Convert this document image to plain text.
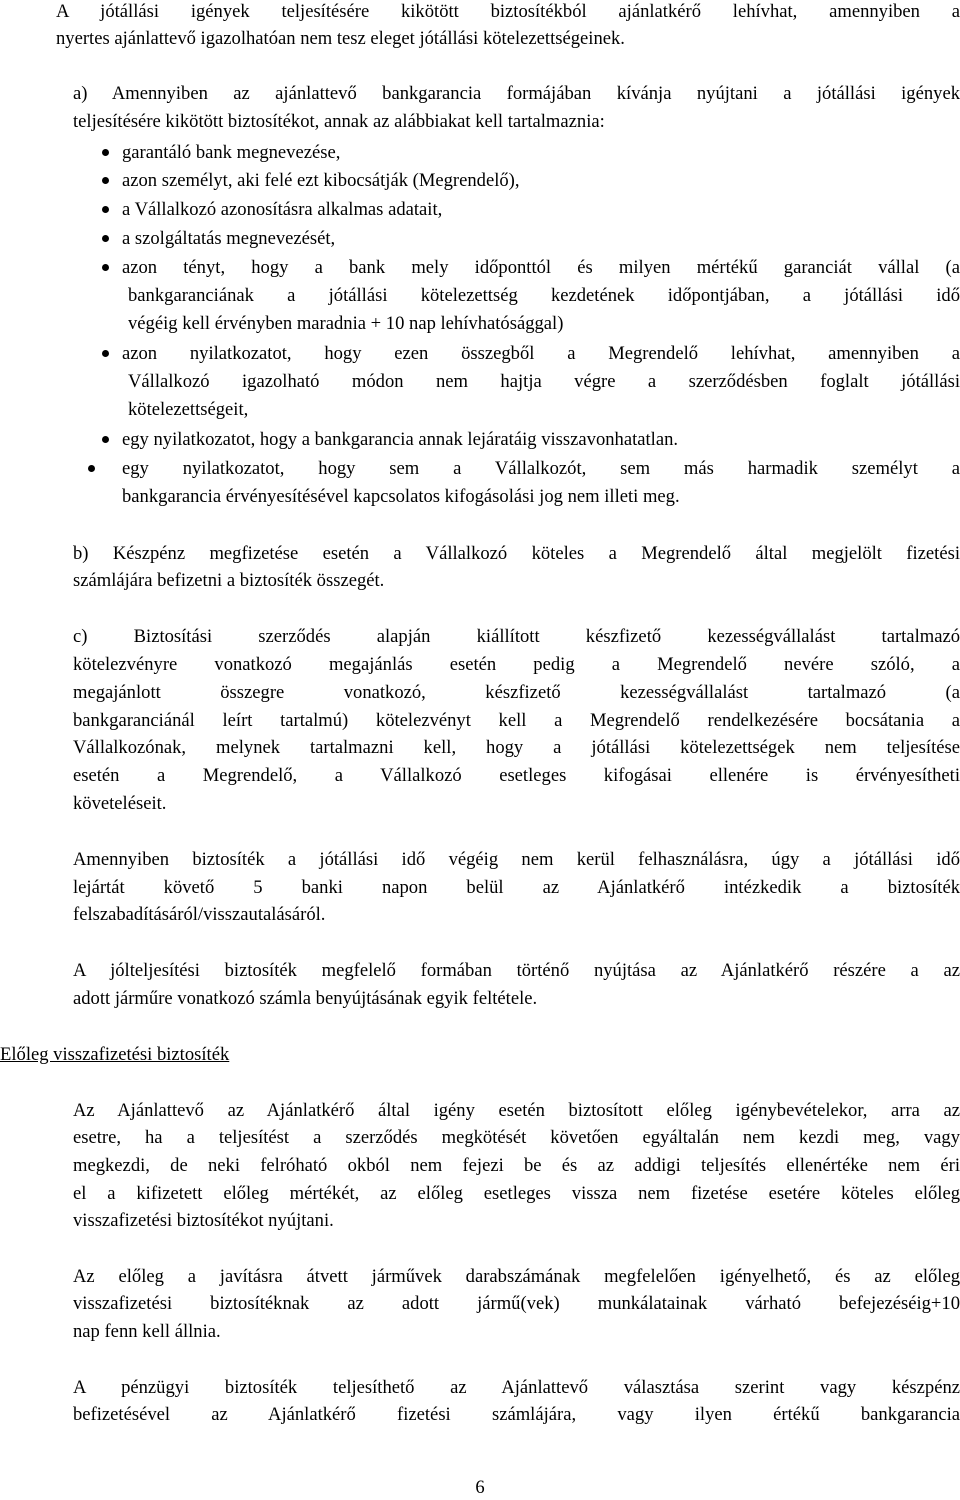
A jótállási igények teljesítésére kikötött biztosítékból ajánlatkérő lehívhat, amennyiben a
nyertes ajánlattevő igazolhatóan nem tesz eleget jótállási kötelezettségeinek.
a) Amennyiben az ajánlattevő bankgarancia formájában kívánja nyújtani a jótállási igények
teljesítésére kikötött biztosítékot, annak az alábbiakat kell tartalmaznia:
garantáló bank megnevezése,
azon személyt, aki felé ezt kibocsátják (Megrendelő),
a Vállalkozó azonosításra alkalmas adatait,
a szolgáltatás megnevezését,
azon tényt, hogy a bank mely időponttól és milyen mértékű garanciát vállal (a
bankgaranciának a jótállási kötelezettség kezdetének időpontjában, a jótállási idő
végéig kell érvényben maradnia + 10 nap lehívhatósággal)
azon nyilatkozatot, hogy ezen összegből a Megrendelő lehívhat, amennyiben a
Vállalkozó igazolható módon nem hajtja végre a szerződésben foglalt jótállási
kötelezettségeit,
egy nyilatkozatot, hogy a bankgarancia annak lejáratáig visszavonhatatlan.
egy nyilatkozatot, hogy sem a Vállalkozót, sem más harmadik személyt a
bankgarancia érvényesítésével kapcsolatos kifogásolási jog nem illeti meg.
b) Készpénz megfizetése esetén a Vállalkozó köteles a Megrendelő által megjelölt fizetési
számlájára befizetni a biztosíték összegét.
c) Biztosítási szerződés alapján kiállított készfizető kezességvállalást tartalmazó
kötelezvényre vonatkozó megajánlás esetén pedig a Megrendelő nevére szóló, a
megajánlott összegre vonatkozó, készfizető kezességvállalást tartalmazó (a
bankgaranciánál leírt tartalmú) kötelezvényt kell a Megrendelő rendelkezésére bocsátania a
Vállalkozónak, melynek tartalmazni kell, hogy a jótállási kötelezettségek nem teljesítése
esetén a Megrendelő, a Vállalkozó esetleges kifogásai ellenére is érvényesítheti
követeléseit.
Amennyiben biztosíték a jótállási idő végéig nem kerül felhasználásra, úgy a jótállási idő
lejártát követő 5 banki napon belül az Ajánlatkérő intézkedik a biztosíték
felszabadításáról/visszautalásáról.
A jólteljesítési biztosíték megfelelő formában történő nyújtása az Ajánlatkérő részére a az
adott járműre vonatkozó számla benyújtásának egyik feltétele.
Előleg visszafizetési biztosíték
Az Ajánlattevő az Ajánlatkérő által igény esetén biztosított előleg igénybevételekor, arra az
esetre, ha a teljesítést a szerződés megkötését követően egyáltalán nem kezdi meg, vagy
megkezdi, de neki felróható okból nem fejezi be és az addigi teljesítés ellenértéke nem éri
el a kifizetett előleg mértékét, az előleg esetleges vissza nem fizetése esetére köteles előleg
visszafizetési biztosítékot nyújtani.
Az előleg a javításra átvett járművek darabszámának megfelelően igényelhető, és az előleg
visszafizetési biztosítéknak az adott jármű(vek) munkálatainak várható befejezéséig+10
nap fenn kell állnia.
A pénzügyi biztosíték teljesíthető az Ajánlattevő választása szerint vagy készpénz
befizetésével az Ajánlatkérő fizetési számlájára, vagy ilyen értékű bankgarancia
6
